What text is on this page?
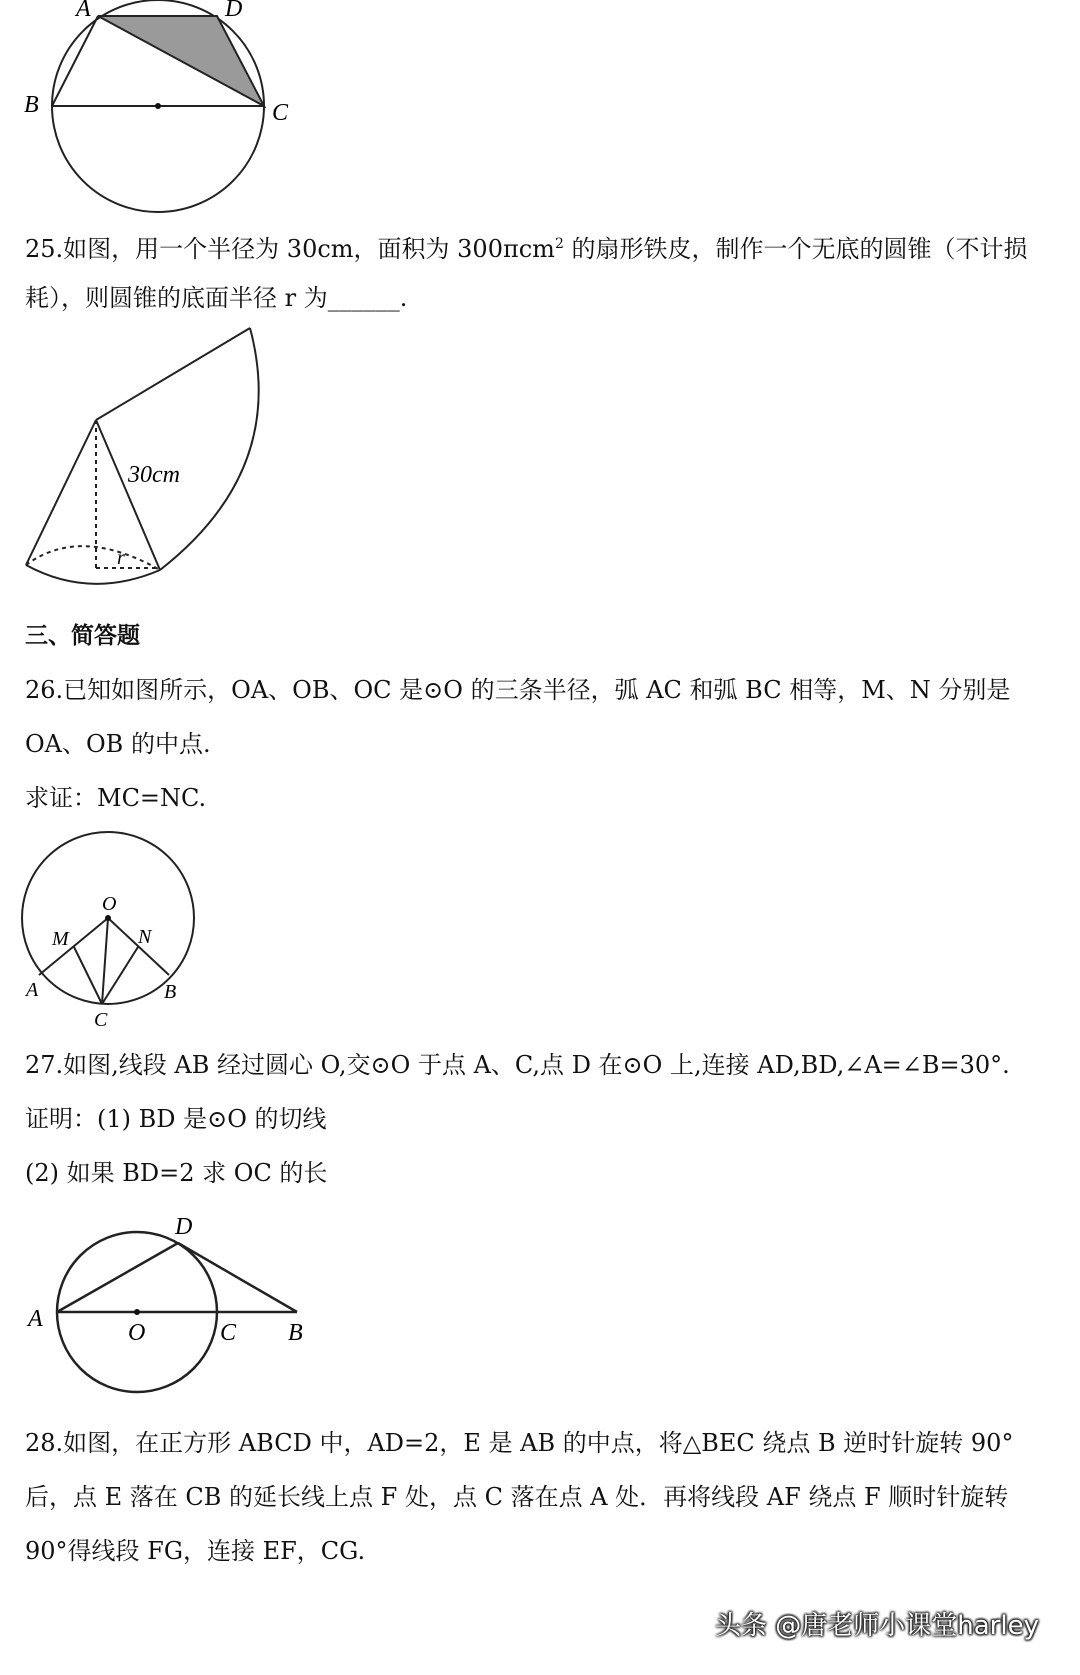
A	D
B	C
25.如图，用一个半径为 30cm，面积为 300πcm$^2$ 的扇形铁皮，制作一个无底的圆锥（不计损
耗），则圆锥的底面半径 r 为______.
30cm
r
三、简答题
26.已知如图所示，OA、OB、OC 是⊙O 的三条半径，弧 AC 和弧 BC 相等，M、N 分别是
OA、OB 的中点.
求证：MC=NC.
O
M	N
A	B
C
27.如图,线段 AB 经过圆心 O,交⊙O 于点 A、C,点 D 在⊙O 上,连接 AD,BD,∠A=∠B=30°.
证明：(1) BD 是⊙O 的切线
(2) 如果 BD=2 求 OC 的长
D
A
O	C B
28.如图，在正方形 ABCD 中，AD=2，E 是 AB 的中点，将△BEC 绕点 B 逆时针旋转 90°
后，点 E 落在 CB 的延长线上点 F 处，点 C 落在点 A 处．再将线段 AF 绕点 F 顺时针旋转
90°得线段 FG，连接 EF，CG.
头条 @唐老师小课堂harley
